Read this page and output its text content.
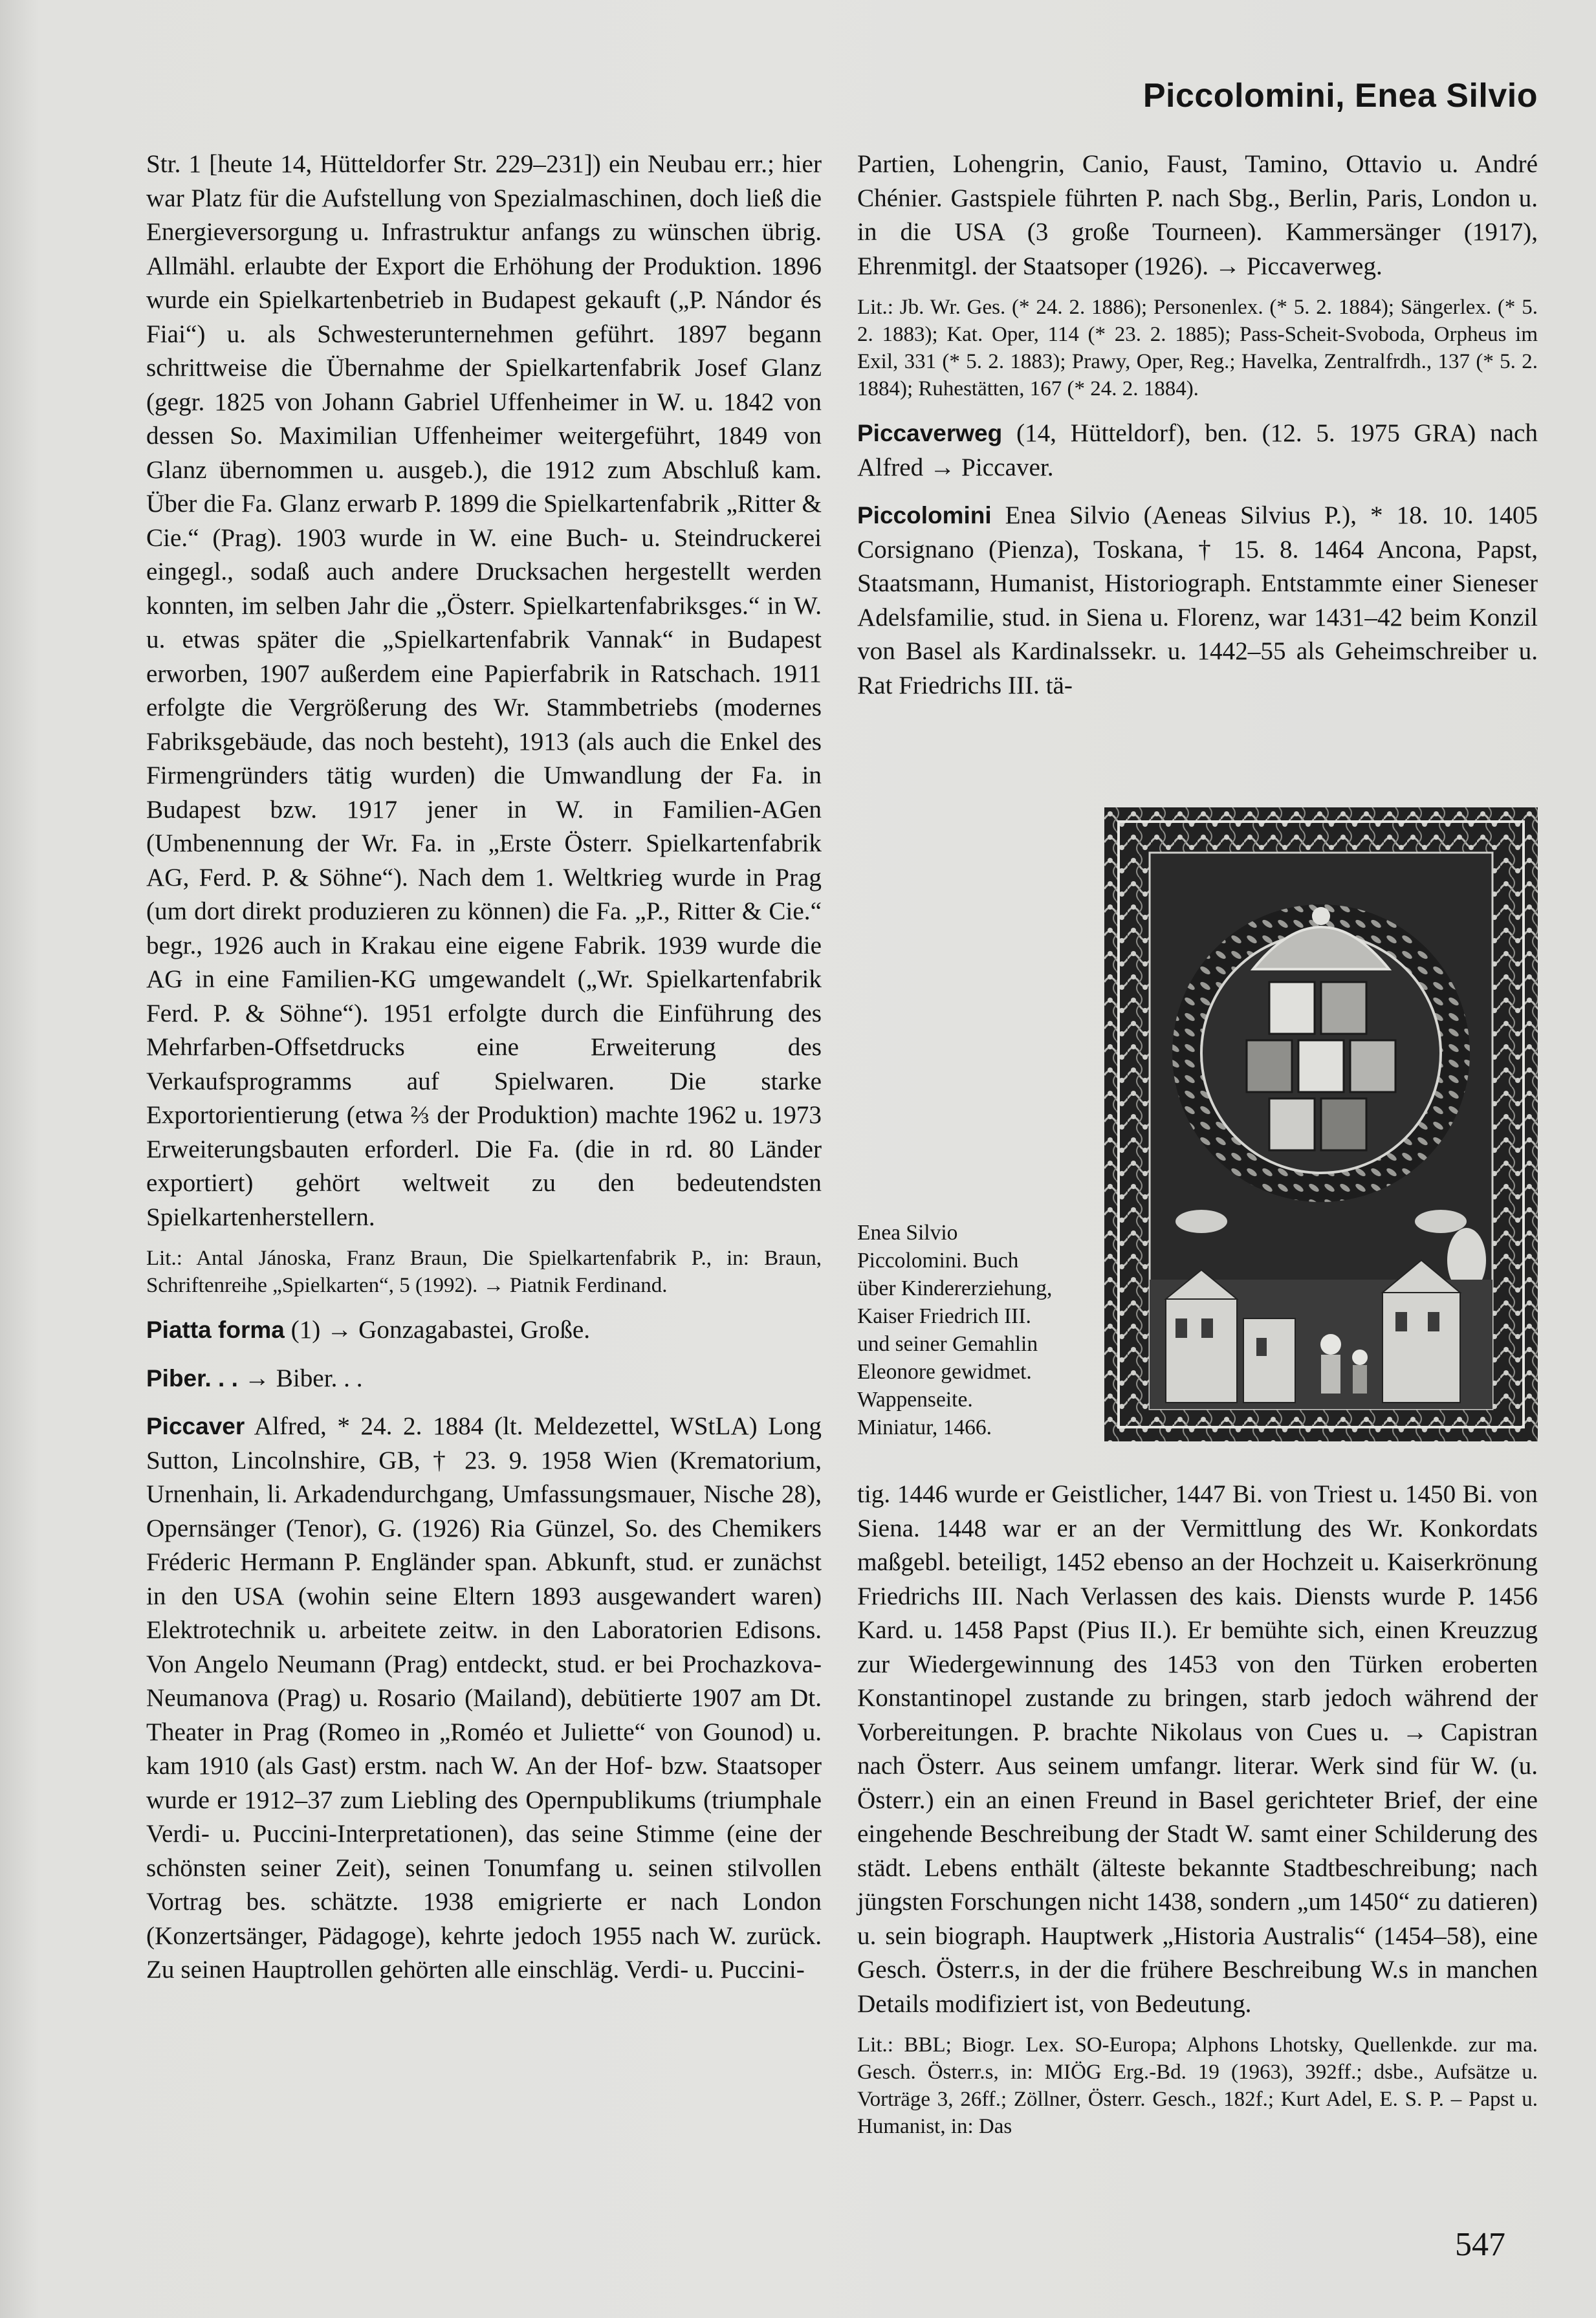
Piccolomini, Enea Silvio

Str. 1 [heute 14, Hütteldorfer Str. 229–231]) ein Neubau err.; hier war Platz für die Aufstellung von Spezialmaschinen, doch ließ die Energieversorgung u. Infrastruktur anfangs zu wünschen übrig. Allmähl. erlaubte der Export die Erhöhung der Produktion. 1896 wurde ein Spielkartenbetrieb in Budapest gekauft („P. Nándor és Fiai“) u. als Schwesterunternehmen geführt. 1897 begann schrittweise die Übernahme der Spielkartenfabrik Josef Glanz (gegr. 1825 von Johann Gabriel Uffenheimer in W. u. 1842 von dessen So. Maximilian Uffenheimer weitergeführt, 1849 von Glanz übernommen u. ausgeb.), die 1912 zum Abschluß kam. Über die Fa. Glanz erwarb P. 1899 die Spielkartenfabrik „Ritter & Cie.“ (Prag). 1903 wurde in W. eine Buch- u. Steindruckerei eingegl., sodaß auch andere Drucksachen hergestellt werden konnten, im selben Jahr die „Österr. Spielkartenfabriksges.“ in W. u. etwas später die „Spielkartenfabrik Vannak“ in Budapest erworben, 1907 außerdem eine Papierfabrik in Ratschach. 1911 erfolgte die Vergrößerung des Wr. Stammbetriebs (modernes Fabriksgebäude, das noch besteht), 1913 (als auch die Enkel des Firmengründers tätig wurden) die Umwandlung der Fa. in Budapest bzw. 1917 jener in W. in Familien-AGen (Umbenennung der Wr. Fa. in „Erste Österr. Spielkartenfabrik AG, Ferd. P. & Söhne“). Nach dem 1. Weltkrieg wurde in Prag (um dort direkt produzieren zu können) die Fa. „P., Ritter & Cie.“ begr., 1926 auch in Krakau eine eigene Fabrik. 1939 wurde die AG in eine Familien-KG umgewandelt („Wr. Spielkartenfabrik Ferd. P. & Söhne“). 1951 erfolgte durch die Einführung des Mehrfarben-Offsetdrucks eine Erweiterung des Verkaufsprogramms auf Spielwaren. Die starke Exportorientierung (etwa ⅔ der Produktion) machte 1962 u. 1973 Erweiterungsbauten erforderl. Die Fa. (die in rd. 80 Länder exportiert) gehört weltweit zu den bedeutendsten Spielkartenherstellern.

Lit.: Antal Jánoska, Franz Braun, Die Spielkartenfabrik P., in: Braun, Schriftenreihe „Spielkarten“, 5 (1992). → Piatnik Ferdinand.

Piatta forma (1) → Gonzagabastei, Große.

Piber. . . → Biber. . .

Piccaver Alfred, * 24. 2. 1884 (lt. Meldezettel, WStLA) Long Sutton, Lincolnshire, GB, † 23. 9. 1958 Wien (Krematorium, Urnenhain, li. Arkadendurchgang, Umfassungsmauer, Nische 28), Opernsänger (Tenor), G. (1926) Ria Günzel, So. des Chemikers Fréderic Hermann P. Engländer span. Abkunft, stud. er zunächst in den USA (wohin seine Eltern 1893 ausgewandert waren) Elektrotechnik u. arbeitete zeitw. in den Laboratorien Edisons. Von Angelo Neumann (Prag) entdeckt, stud. er bei Prochazkova-Neumanova (Prag) u. Rosario (Mailand), debütierte 1907 am Dt. Theater in Prag (Romeo in „Roméo et Juliette“ von Gounod) u. kam 1910 (als Gast) erstm. nach W. An der Hof- bzw. Staatsoper wurde er 1912–37 zum Liebling des Opernpublikums (triumphale Verdi- u. Puccini-Interpretationen), das seine Stimme (eine der schönsten seiner Zeit), seinen Tonumfang u. seinen stilvollen Vortrag bes. schätzte. 1938 emigrierte er nach London (Konzertsänger, Pädagoge), kehrte jedoch 1955 nach W. zurück. Zu seinen Hauptrollen gehörten alle einschläg. Verdi- u. Puccini-

Partien, Lohengrin, Canio, Faust, Tamino, Ottavio u. André Chénier. Gastspiele führten P. nach Sbg., Berlin, Paris, London u. in die USA (3 große Tourneen). Kammersänger (1917), Ehrenmitgl. der Staatsoper (1926). → Piccaverweg.

Lit.: Jb. Wr. Ges. (* 24. 2. 1886); Personenlex. (* 5. 2. 1884); Sängerlex. (* 5. 2. 1883); Kat. Oper, 114 (* 23. 2. 1885); Pass-Scheit-Svoboda, Orpheus im Exil, 331 (* 5. 2. 1883); Prawy, Oper, Reg.; Havelka, Zentralfrdh., 137 (* 5. 2. 1884); Ruhestätten, 167 (* 24. 2. 1884).

Piccaverweg (14, Hütteldorf), ben. (12. 5. 1975 GRA) nach Alfred → Piccaver.

Piccolomini Enea Silvio (Aeneas Silvius P.), * 18. 10. 1405 Corsignano (Pienza), Toskana, † 15. 8. 1464 Ancona, Papst, Staatsmann, Humanist, Historiograph. Entstammte einer Sieneser Adelsfamilie, stud. in Siena u. Florenz, war 1431–42 beim Konzil von Basel als Kardinalssekr. u. 1442–55 als Geheimschreiber u. Rat Friedrichs III. tä-

Enea Silvio
Piccolomini. Buch
über Kindererziehung,
Kaiser Friedrich III.
und seiner Gemahlin
Eleonore gewidmet.
Wappenseite.
Miniatur, 1466.

tig. 1446 wurde er Geistlicher, 1447 Bi. von Triest u. 1450 Bi. von Siena. 1448 war er an der Vermittlung des Wr. Konkordats maßgebl. beteiligt, 1452 ebenso an der Hochzeit u. Kaiserkrönung Friedrichs III. Nach Verlassen des kais. Diensts wurde P. 1456 Kard. u. 1458 Papst (Pius II.). Er bemühte sich, einen Kreuzzug zur Wiedergewinnung des 1453 von den Türken eroberten Konstantinopel zustande zu bringen, starb jedoch während der Vorbereitungen. P. brachte Nikolaus von Cues u. → Capistran nach Österr. Aus seinem umfangr. literar. Werk sind für W. (u. Österr.) ein an einen Freund in Basel gerichteter Brief, der eine eingehende Beschreibung der Stadt W. samt einer Schilderung des städt. Lebens enthält (älteste bekannte Stadtbeschreibung; nach jüngsten Forschungen nicht 1438, sondern „um 1450“ zu datieren) u. sein biograph. Hauptwerk „Historia Australis“ (1454–58), eine Gesch. Österr.s, in der die frühere Beschreibung W.s in manchen Details modifiziert ist, von Bedeutung.

Lit.: BBL; Biogr. Lex. SO-Europa; Alphons Lhotsky, Quellenkde. zur ma. Gesch. Österr.s, in: MIÖG Erg.-Bd. 19 (1963), 392ff.; dsbe., Aufsätze u. Vorträge 3, 26ff.; Zöllner, Österr. Gesch., 182f.; Kurt Adel, E. S. P. – Papst u. Humanist, in: Das

547
